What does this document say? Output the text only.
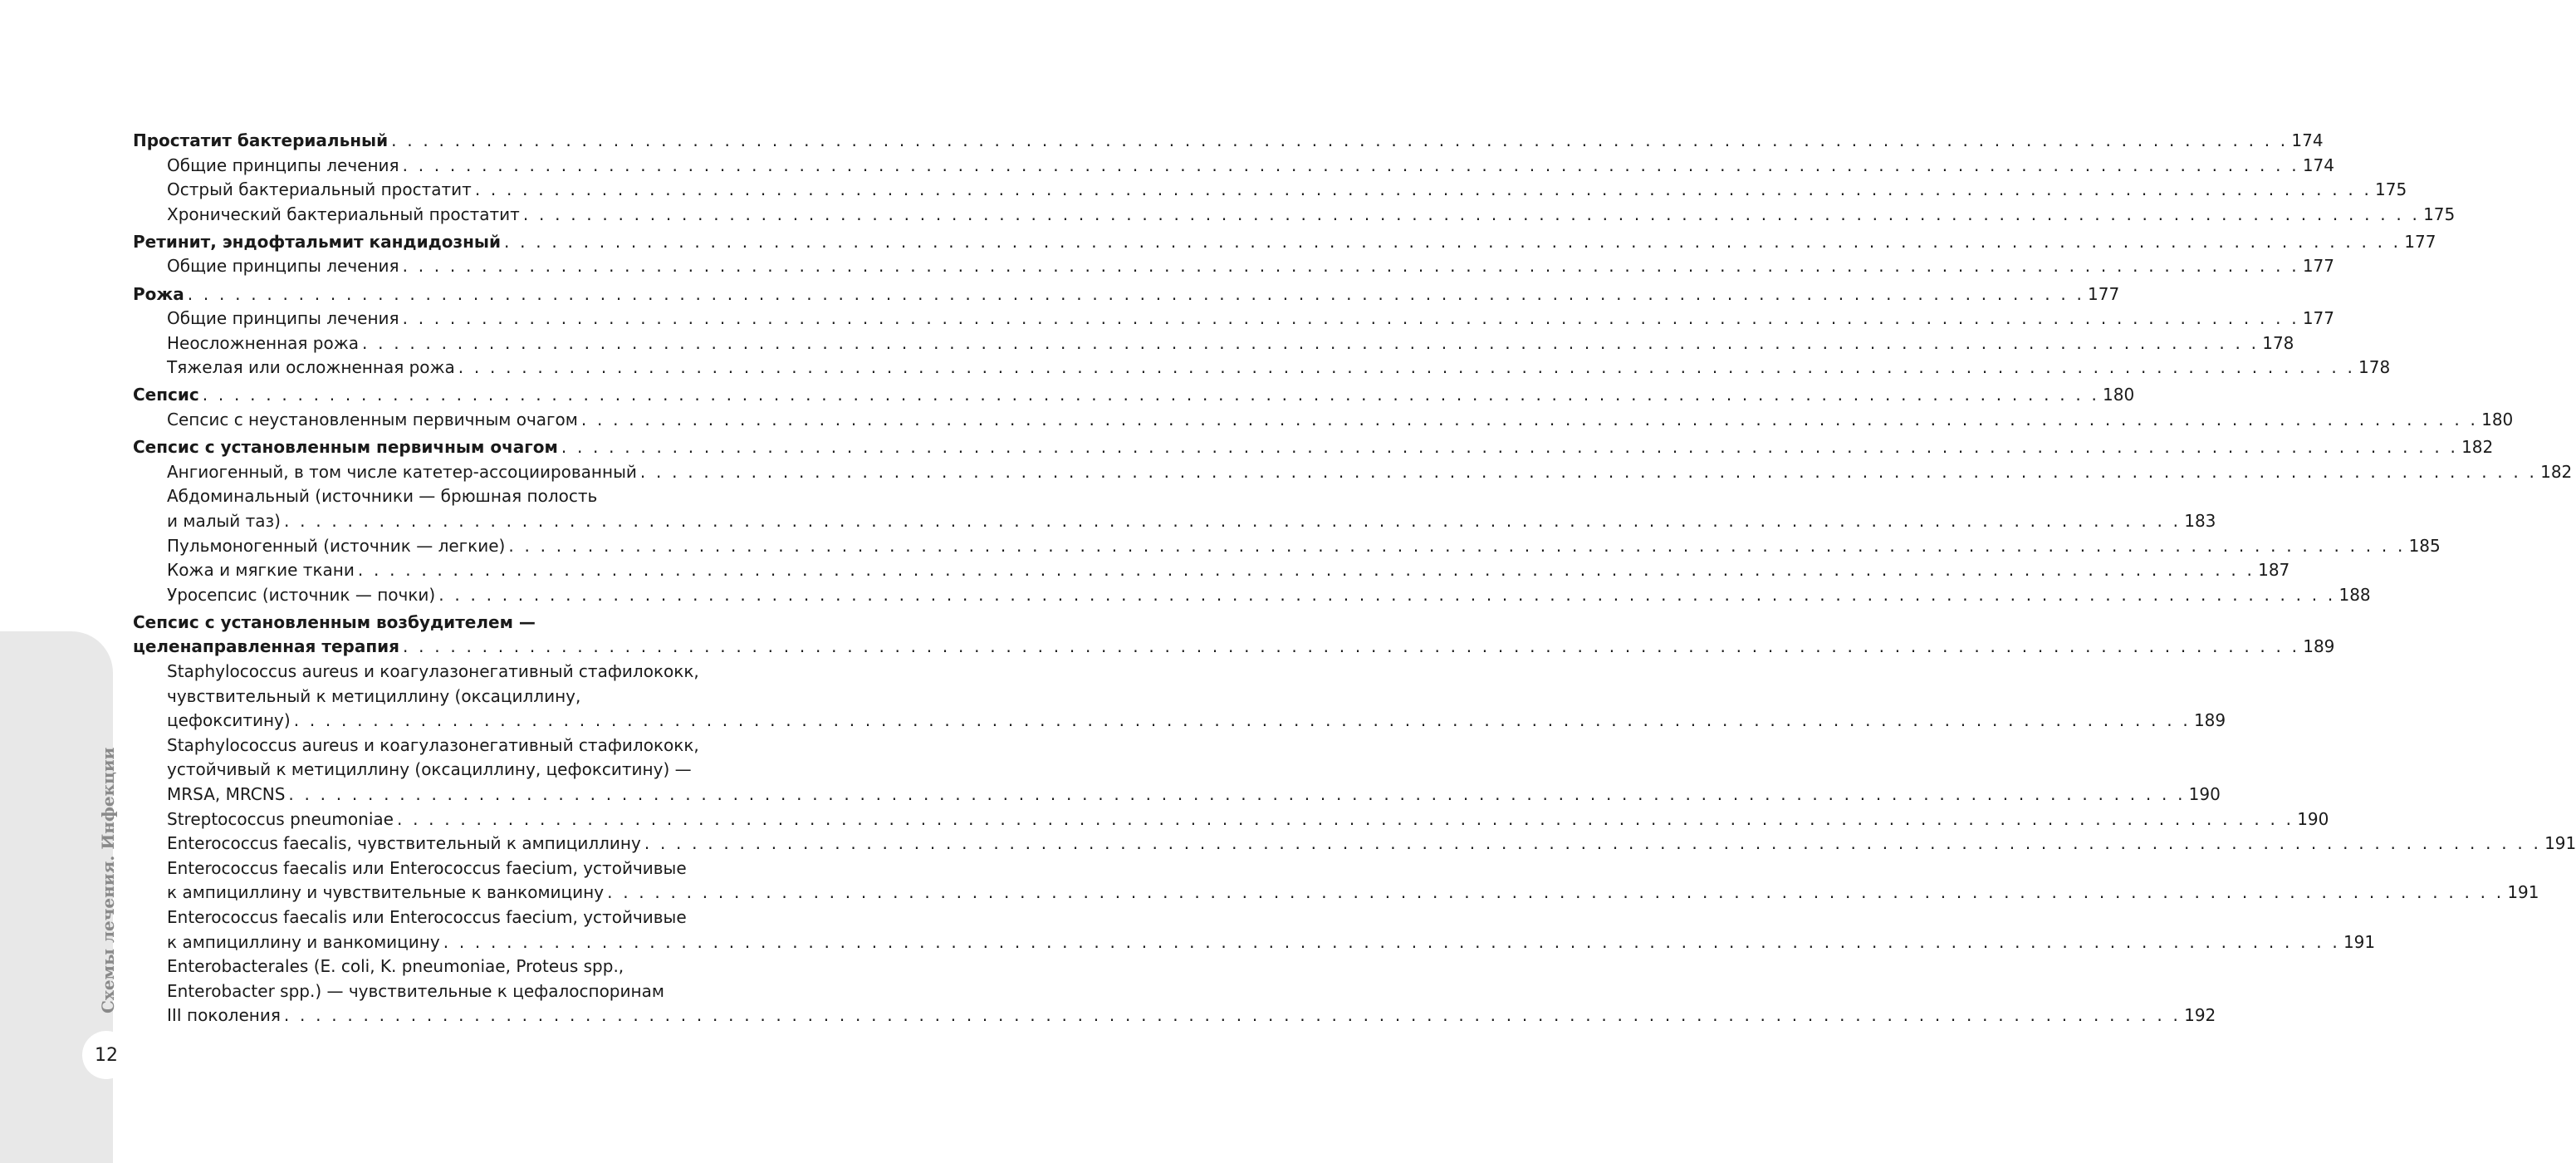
Схемы лечения. Инфекции
12
Простатит бактериальный . . . . . . . . . . . . . . . . . . . . . . . . . . . . . . . . . . . . . . . . . . . . . . . . . . . . . . . . . . . . . . . . . . . . . . . . . . . . . . . . . . . . . . . . . . . . . . . . . . . . . . . . . . . . . . . . . . . . . . . . 174
Общие принципы лечения . . . . . . . . . . . . . . . . . . . . . . . . . . . . . . . . . . . . . . . . . . . . . . . . . . . . . . . . . . . . . . . . . . . . . . . . . . . . . . . . . . . . . . . . . . . . . . . . . . . . . . . . . . . . . . . . . . . . . . . . 174
Острый бактериальный простатит . . . . . . . . . . . . . . . . . . . . . . . . . . . . . . . . . . . . . . . . . . . . . . . . . . . . . . . . . . . . . . . . . . . . . . . . . . . . . . . . . . . . . . . . . . . . . . . . . . . . . . . . . . . . . . . . . . . . . . . . 175
Хронический бактериальный простатит . . . . . . . . . . . . . . . . . . . . . . . . . . . . . . . . . . . . . . . . . . . . . . . . . . . . . . . . . . . . . . . . . . . . . . . . . . . . . . . . . . . . . . . . . . . . . . . . . . . . . . . . . . . . . . . . . . . . . . . . 175
Ретинит, эндофтальмит кандидозный . . . . . . . . . . . . . . . . . . . . . . . . . . . . . . . . . . . . . . . . . . . . . . . . . . . . . . . . . . . . . . . . . . . . . . . . . . . . . . . . . . . . . . . . . . . . . . . . . . . . . . . . . . . . . . . . . . . . . . . . 177
Общие принципы лечения . . . . . . . . . . . . . . . . . . . . . . . . . . . . . . . . . . . . . . . . . . . . . . . . . . . . . . . . . . . . . . . . . . . . . . . . . . . . . . . . . . . . . . . . . . . . . . . . . . . . . . . . . . . . . . . . . . . . . . . . 177
Рожа . . . . . . . . . . . . . . . . . . . . . . . . . . . . . . . . . . . . . . . . . . . . . . . . . . . . . . . . . . . . . . . . . . . . . . . . . . . . . . . . . . . . . . . . . . . . . . . . . . . . . . . . . . . . . . . . . . . . . . . . 177
Общие принципы лечения . . . . . . . . . . . . . . . . . . . . . . . . . . . . . . . . . . . . . . . . . . . . . . . . . . . . . . . . . . . . . . . . . . . . . . . . . . . . . . . . . . . . . . . . . . . . . . . . . . . . . . . . . . . . . . . . . . . . . . . . 177
Неосложненная рожа . . . . . . . . . . . . . . . . . . . . . . . . . . . . . . . . . . . . . . . . . . . . . . . . . . . . . . . . . . . . . . . . . . . . . . . . . . . . . . . . . . . . . . . . . . . . . . . . . . . . . . . . . . . . . . . . . . . . . . . . 178
Тяжелая или осложненная рожа . . . . . . . . . . . . . . . . . . . . . . . . . . . . . . . . . . . . . . . . . . . . . . . . . . . . . . . . . . . . . . . . . . . . . . . . . . . . . . . . . . . . . . . . . . . . . . . . . . . . . . . . . . . . . . . . . . . . . . . . 178
Сепсис . . . . . . . . . . . . . . . . . . . . . . . . . . . . . . . . . . . . . . . . . . . . . . . . . . . . . . . . . . . . . . . . . . . . . . . . . . . . . . . . . . . . . . . . . . . . . . . . . . . . . . . . . . . . . . . . . . . . . . . . 180
Сепсис с неустановленным первичным очагом . . . . . . . . . . . . . . . . . . . . . . . . . . . . . . . . . . . . . . . . . . . . . . . . . . . . . . . . . . . . . . . . . . . . . . . . . . . . . . . . . . . . . . . . . . . . . . . . . . . . . . . . . . . . . . . . . . . . . . . . 180
Сепсис с установленным первичным очагом . . . . . . . . . . . . . . . . . . . . . . . . . . . . . . . . . . . . . . . . . . . . . . . . . . . . . . . . . . . . . . . . . . . . . . . . . . . . . . . . . . . . . . . . . . . . . . . . . . . . . . . . . . . . . . . . . . . . . . . . 182
Ангиогенный, в том числе катетер-ассоциированный . . . . . . . . . . . . . . . . . . . . . . . . . . . . . . . . . . . . . . . . . . . . . . . . . . . . . . . . . . . . . . . . . . . . . . . . . . . . . . . . . . . . . . . . . . . . . . . . . . . . . . . . . . . . . . . . . . . . . . . . 182
Абдоминальный (источники — брюшная полость
и малый таз) . . . . . . . . . . . . . . . . . . . . . . . . . . . . . . . . . . . . . . . . . . . . . . . . . . . . . . . . . . . . . . . . . . . . . . . . . . . . . . . . . . . . . . . . . . . . . . . . . . . . . . . . . . . . . . . . . . . . . . . . 183
Пульмоногенный (источник — легкие) . . . . . . . . . . . . . . . . . . . . . . . . . . . . . . . . . . . . . . . . . . . . . . . . . . . . . . . . . . . . . . . . . . . . . . . . . . . . . . . . . . . . . . . . . . . . . . . . . . . . . . . . . . . . . . . . . . . . . . . . 185
Кожа и мягкие ткани . . . . . . . . . . . . . . . . . . . . . . . . . . . . . . . . . . . . . . . . . . . . . . . . . . . . . . . . . . . . . . . . . . . . . . . . . . . . . . . . . . . . . . . . . . . . . . . . . . . . . . . . . . . . . . . . . . . . . . . . 187
Уросепсис (источник — почки) . . . . . . . . . . . . . . . . . . . . . . . . . . . . . . . . . . . . . . . . . . . . . . . . . . . . . . . . . . . . . . . . . . . . . . . . . . . . . . . . . . . . . . . . . . . . . . . . . . . . . . . . . . . . . . . . . . . . . . . . 188
Сепсис с установленным возбудителем —
целенаправленная терапия . . . . . . . . . . . . . . . . . . . . . . . . . . . . . . . . . . . . . . . . . . . . . . . . . . . . . . . . . . . . . . . . . . . . . . . . . . . . . . . . . . . . . . . . . . . . . . . . . . . . . . . . . . . . . . . . . . . . . . . . 189
Staphylococcus aureus и коагулазонегативный стафилококк,
чувствительный к метициллину (оксациллину,
цефокситину) . . . . . . . . . . . . . . . . . . . . . . . . . . . . . . . . . . . . . . . . . . . . . . . . . . . . . . . . . . . . . . . . . . . . . . . . . . . . . . . . . . . . . . . . . . . . . . . . . . . . . . . . . . . . . . . . . . . . . . . . 189
Staphylococcus aureus и коагулазонегативный стафилококк,
устойчивый к метициллину (оксациллину, цефокситину) —
MRSA, MRCNS . . . . . . . . . . . . . . . . . . . . . . . . . . . . . . . . . . . . . . . . . . . . . . . . . . . . . . . . . . . . . . . . . . . . . . . . . . . . . . . . . . . . . . . . . . . . . . . . . . . . . . . . . . . . . . . . . . . . . . . . 190
Streptococcus pneumoniae . . . . . . . . . . . . . . . . . . . . . . . . . . . . . . . . . . . . . . . . . . . . . . . . . . . . . . . . . . . . . . . . . . . . . . . . . . . . . . . . . . . . . . . . . . . . . . . . . . . . . . . . . . . . . . . . . . . . . . . . 190
Enterococcus faecalis, чувствительный к ампициллину . . . . . . . . . . . . . . . . . . . . . . . . . . . . . . . . . . . . . . . . . . . . . . . . . . . . . . . . . . . . . . . . . . . . . . . . . . . . . . . . . . . . . . . . . . . . . . . . . . . . . . . . . . . . . . . . . . . . . . . . 191
Enterococcus faecalis или Enterococcus faecium, устойчивые
к ампициллину и чувствительные к ванкомицину . . . . . . . . . . . . . . . . . . . . . . . . . . . . . . . . . . . . . . . . . . . . . . . . . . . . . . . . . . . . . . . . . . . . . . . . . . . . . . . . . . . . . . . . . . . . . . . . . . . . . . . . . . . . . . . . . . . . . . . . 191
Enterococcus faecalis или Enterococcus faecium, устойчивые
к ампициллину и ванкомицину . . . . . . . . . . . . . . . . . . . . . . . . . . . . . . . . . . . . . . . . . . . . . . . . . . . . . . . . . . . . . . . . . . . . . . . . . . . . . . . . . . . . . . . . . . . . . . . . . . . . . . . . . . . . . . . . . . . . . . . . 191
Enterobacterales (E. coli, K. pneumoniae, Proteus spp.,
Enterobacter spp.) — чувствительные к цефалоспоринам
III поколения . . . . . . . . . . . . . . . . . . . . . . . . . . . . . . . . . . . . . . . . . . . . . . . . . . . . . . . . . . . . . . . . . . . . . . . . . . . . . . . . . . . . . . . . . . . . . . . . . . . . . . . . . . . . . . . . . . . . . . . . 192
